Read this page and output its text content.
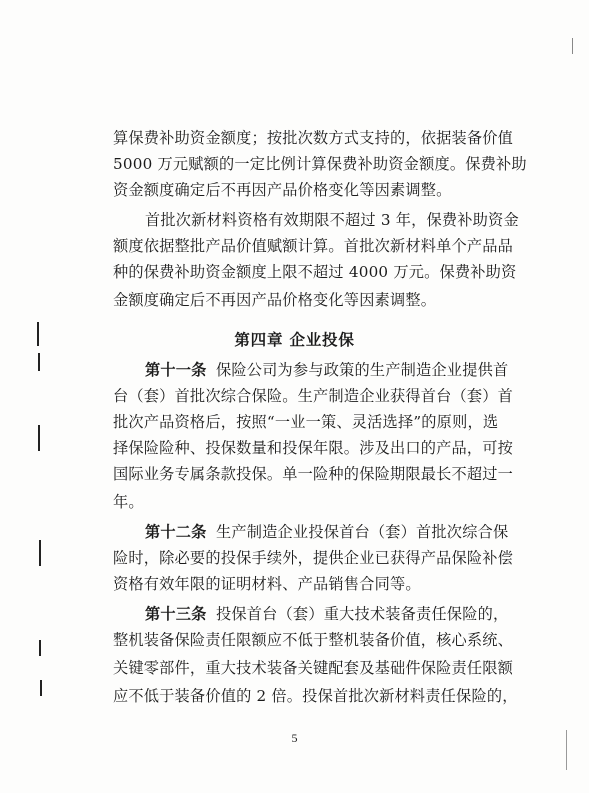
算保费补助资金额度；按批次数方式支持的，依据装备价值
5000 万元赋额的一定比例计算保费补助资金额度。保费补助
资金额度确定后不再因产品价格变化等因素调整。
首批次新材料资格有效期限不超过 3 年，保费补助资金
额度依据整批产品价值赋额计算。首批次新材料单个产品品
种的保费补助资金额度上限不超过 4000 万元。保费补助资
金额度确定后不再因产品价格变化等因素调整。
第四章 企业投保
第十一条 保险公司为参与政策的生产制造企业提供首
台（套）首批次综合保险。生产制造企业获得首台（套）首
批次产品资格后，按照“一业一策、灵活选择”的原则，选
择保险险种、投保数量和投保年限。涉及出口的产品，可按
国际业务专属条款投保。单一险种的保险期限最长不超过一
年。
第十二条 生产制造企业投保首台（套）首批次综合保
险时，除必要的投保手续外，提供企业已获得产品保险补偿
资格有效年限的证明材料、产品销售合同等。
第十三条 投保首台（套）重大技术装备责任保险的，
整机装备保险责任限额应不低于整机装备价值，核心系统、
关键零部件，重大技术装备关键配套及基础件保险责任限额
应不低于装备价值的 2 倍。投保首批次新材料责任保险的，
5
